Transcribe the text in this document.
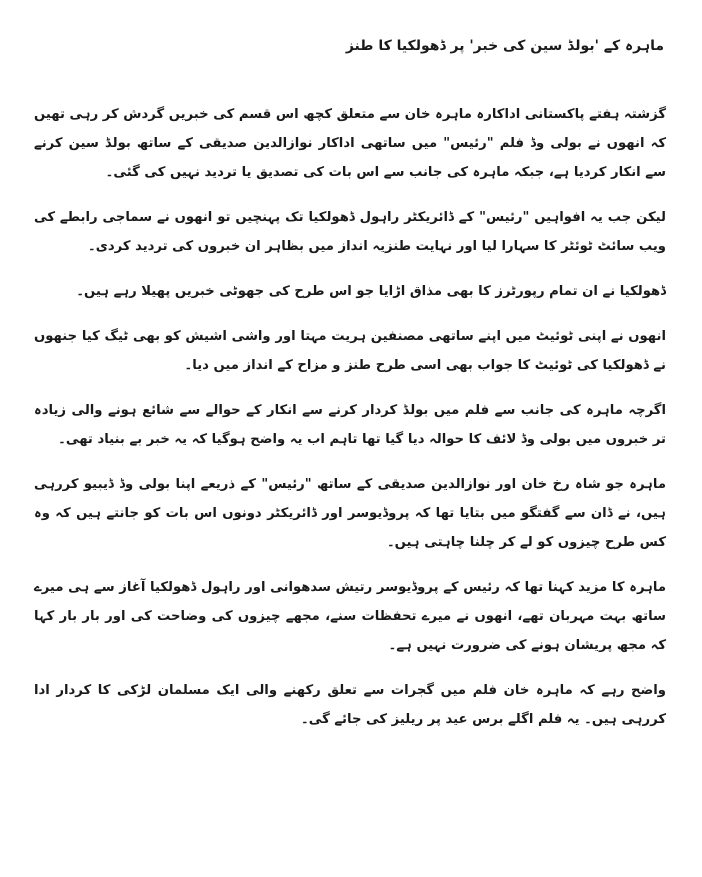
ماہرہ کے 'بولڈ سین کی خبر' پر ڈھولکیا کا طنز

گزشتہ ہفتے پاکستانی اداکارہ ماہرہ خان سے متعلق کچھ اس قسم کی خبریں گردش کر رہی تھیں کہ انھوں نے بولی وڈ فلم "رئیس" میں ساتھی اداکار نوازالدین صدیقی کے ساتھ بولڈ سین کرنے سے انکار کردیا ہے، جبکہ ماہرہ کی جانب سے اس بات کی تصدیق یا تردید نہیں کی گئی۔

لیکن جب یہ افواہیں "رئیس" کے ڈائریکٹر راہول ڈھولکیا تک پہنچیں تو انھوں نے سماجی رابطے کی ویب سائٹ ٹوئٹر کا سہارا لیا اور نہایت طنزیہ انداز میں بظاہر ان خبروں کی تردید کردی۔

ڈھولکیا نے ان تمام رپورٹرز کا بھی مذاق اڑایا جو اس طرح کی جھوٹی خبریں پھیلا رہے ہیں۔

انھوں نے اپنی ٹوئیٹ میں اپنے ساتھی مصنفین ہریت مہتا اور واشی اشیش کو بھی ٹیگ کیا جنھوں نے ڈھولکیا کی ٹوئیٹ کا جواب بھی اسی طرح طنز و مزاح کے انداز میں دیا۔

اگرچہ ماہرہ کی جانب سے فلم میں بولڈ کردار کرنے سے انکار کے حوالے سے شائع ہونے والی زیادہ تر خبروں میں بولی وڈ لائف کا حوالہ دیا گیا تھا تاہم اب یہ واضح ہوگیا کہ یہ خبر بے بنیاد تھی۔

ماہرہ جو شاہ رخ خان اور نوازالدین صدیقی کے ساتھ "رئیس" کے ذریعے اپنا بولی وڈ ڈیبیو کررہی ہیں، نے ڈان سے گفتگو میں بتایا تھا کہ پروڈیوسر اور ڈائریکٹر دونوں اس بات کو جانتے ہیں کہ وہ کس طرح چیزوں کو لے کر چلنا چاہتی ہیں۔

ماہرہ کا مزید کہنا تھا کہ رئیس کے پروڈیوسر رتیش سدھوانی اور راہول ڈھولکیا آغاز سے ہی میرے ساتھ بہت مہربان تھے، انھوں نے میرے تحفظات سنے، مجھے چیزوں کی وضاحت کی اور بار بار کہا کہ مجھ پریشان ہونے کی ضرورت نہیں ہے۔

واضح رہے کہ ماہرہ خان فلم میں گجرات سے تعلق رکھنے والی ایک مسلمان لڑکی کا کردار ادا کررہی ہیں۔ یہ فلم اگلے برس عید پر ریلیز کی جائے گی۔
